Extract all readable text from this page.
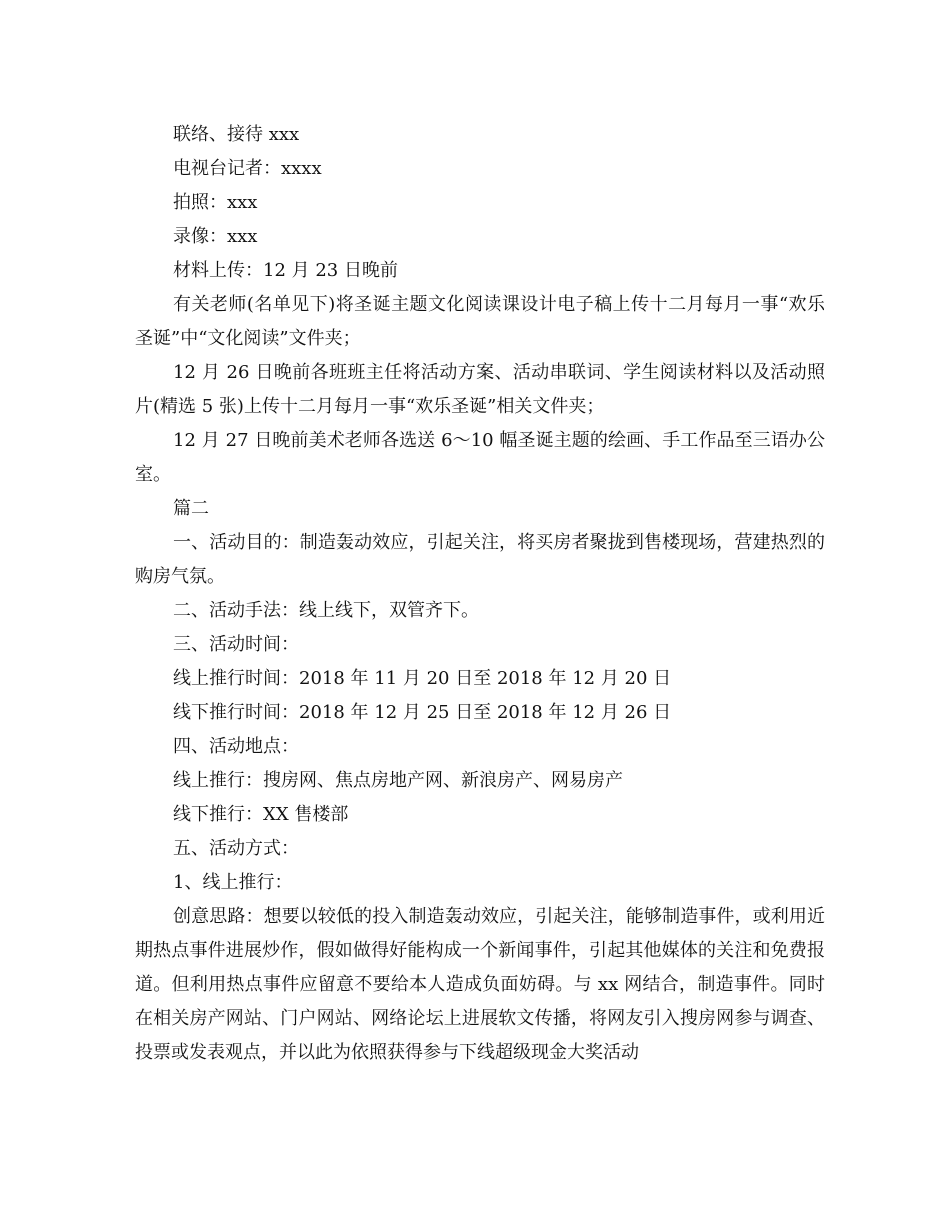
联络、接待 xxx

电视台记者：xxxx

拍照：xxx

录像：xxx

材料上传：12 月 23 日晚前

有关老师(名单见下)将圣诞主题文化阅读课设计电子稿上传十二月每月一事“欢乐圣诞”中“文化阅读”文件夹；

12 月 26 日晚前各班班主任将活动方案、活动串联词、学生阅读材料以及活动照片(精选 5 张)上传十二月每月一事“欢乐圣诞”相关文件夹；

12 月 27 日晚前美术老师各选送 6～10 幅圣诞主题的绘画、手工作品至三语办公室。

篇二

一、活动目的：制造轰动效应，引起关注，将买房者聚拢到售楼现场，营建热烈的购房气氛。

二、活动手法：线上线下，双管齐下。

三、活动时间：

线上推行时间：2018 年 11 月 20 日至 2018 年 12 月 20 日

线下推行时间：2018 年 12 月 25 日至 2018 年 12 月 26 日

四、活动地点：

线上推行：搜房网、焦点房地产网、新浪房产、网易房产

线下推行：XX 售楼部

五、活动方式：

1、线上推行：

创意思路：想要以较低的投入制造轰动效应，引起关注，能够制造事件，或利用近期热点事件进展炒作，假如做得好能构成一个新闻事件，引起其他媒体的关注和免费报道。但利用热点事件应留意不要给本人造成负面妨碍。与 xx 网结合，制造事件。同时在相关房产网站、门户网站、网络论坛上进展软文传播，将网友引入搜房网参与调查、投票或发表观点，并以此为依照获得参与下线超级现金大奖活动
